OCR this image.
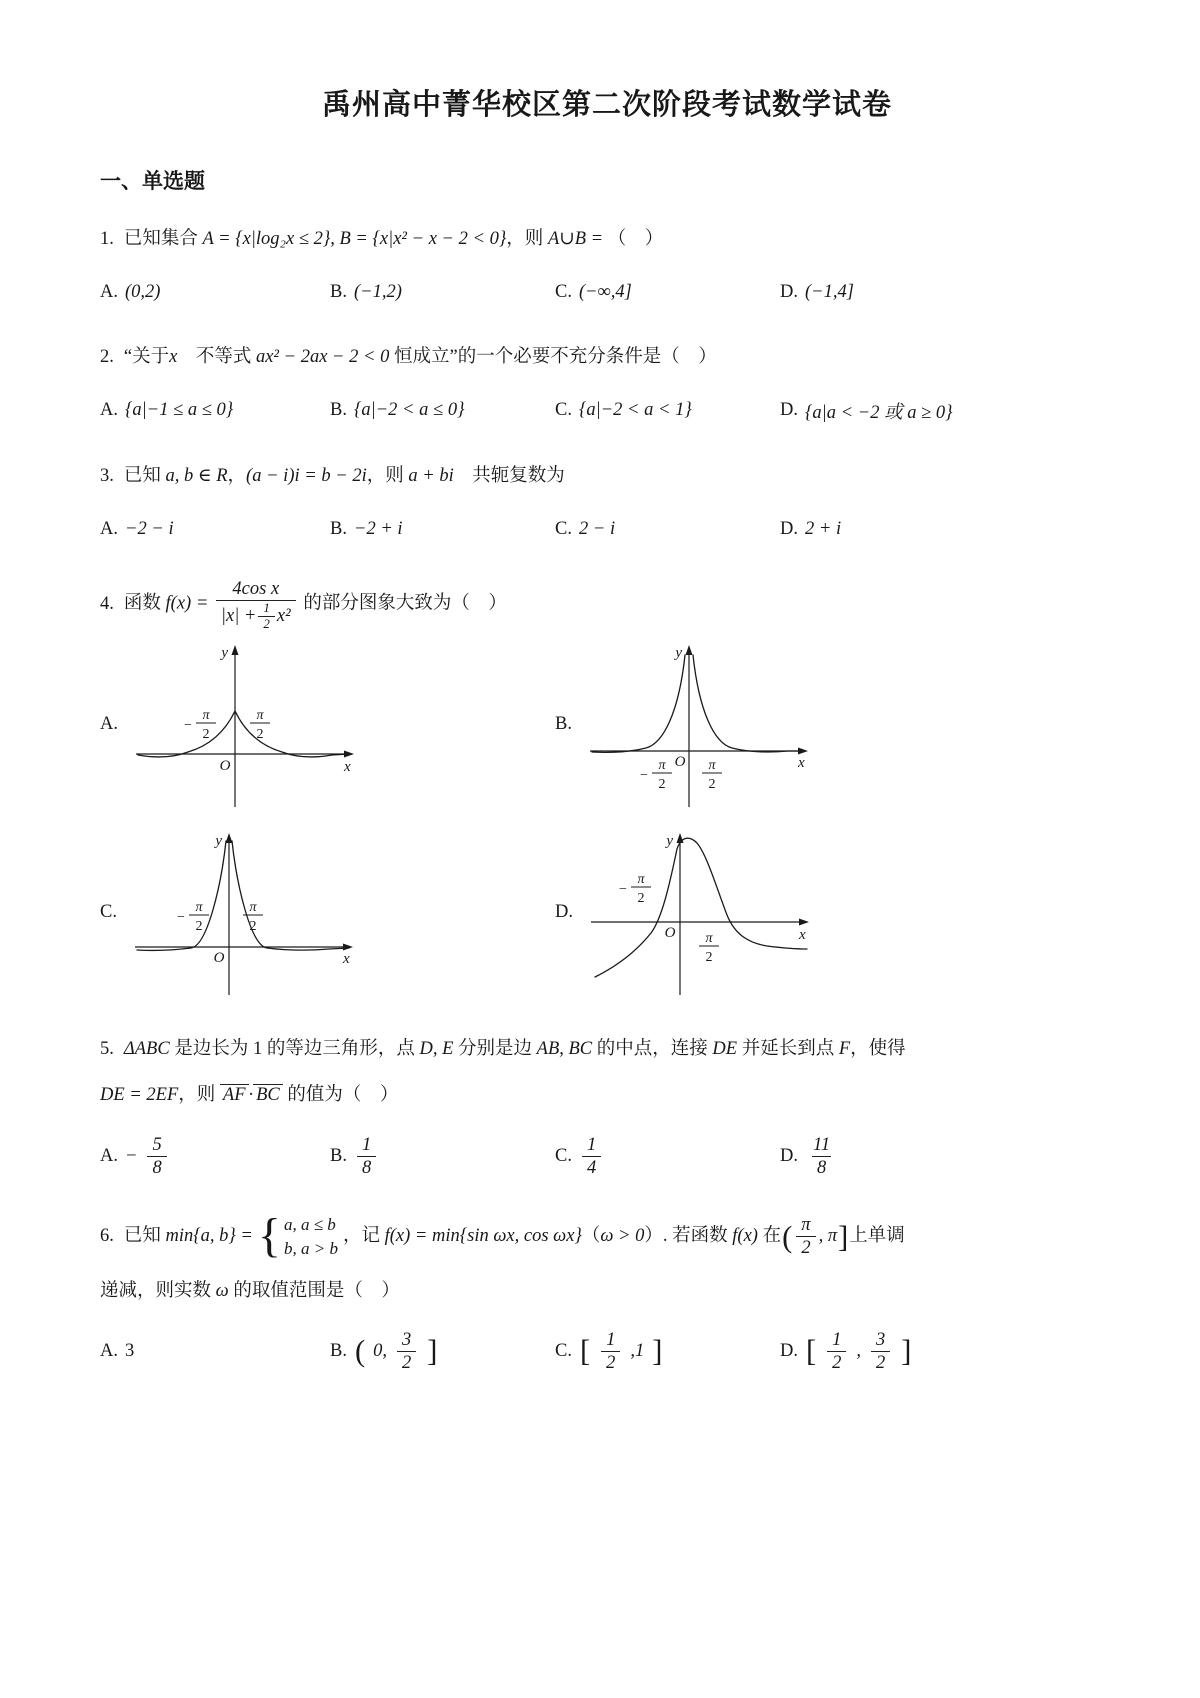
禹州高中菁华校区第二次阶段考试数学试卷
一、单选题
1. 已知集合 A = {x|log₂x ≤ 2}, B = {x|x² − x − 2 < 0}，则 A∪B = （　）
A. (0,2)	B. (−1,2)	C. (−∞,4]	D. (−1,4]
2. “关于x　不等式 ax² − 2ax − 2 < 0 恒成立”的一个必要不充分条件是（　）
A. {a|−1 ≤ a ≤ 0}	B. {a|−2 < a ≤ 0}	C. {a|−2 < a < 1}	D. {a|a < −2 或 a ≥ 0}
3. 已知 a, b ∈ R，(a − i)i = b − 2i，则 a + bi　共轭复数为
A. −2 − i	B. −2 + i	C. 2 − i	D. 2 + i
4. 函数 f(x) =
4cos x
$|x| + \frac{1}{2} x^2$
的部分图象大致为（　）
A.	π
2
−
π
2
O
y
x
B.
π
2
−
π
2
O
y
x
C.	π
2
−
π
2
O
y
x
D.
π
2
−
π
2
O
y
x
5. ΔABC 是边长为 1 的等边三角形，点 D, E 分别是边 AB, BC 的中点，连接 DE 并延长到点 F，使得
DE = 2EF，则 AF · BC 的值为（　）
A. − $\frac{5}{8}$	B. $\frac{1}{8}$	C. $\frac{1}{4}$	D. $\frac{11}{8}$
6. 已知 min{a, b} = { a, a ≤ b
b, a > b
，记 f(x) = min{sin ωx, cos ωx}（ω > 0）. 若函数 f(x) 在( $\frac{\pi}{2}$ , π]上单调
递减，则实数 ω 的取值范围是（　）
A. 3	B. ( 0, $\frac{3}{2}$ ]	C. [ $\frac{1}{2} ,1$ ]	D. [ $\frac{1}{2}$ , $\frac{3}{2}$ ]
